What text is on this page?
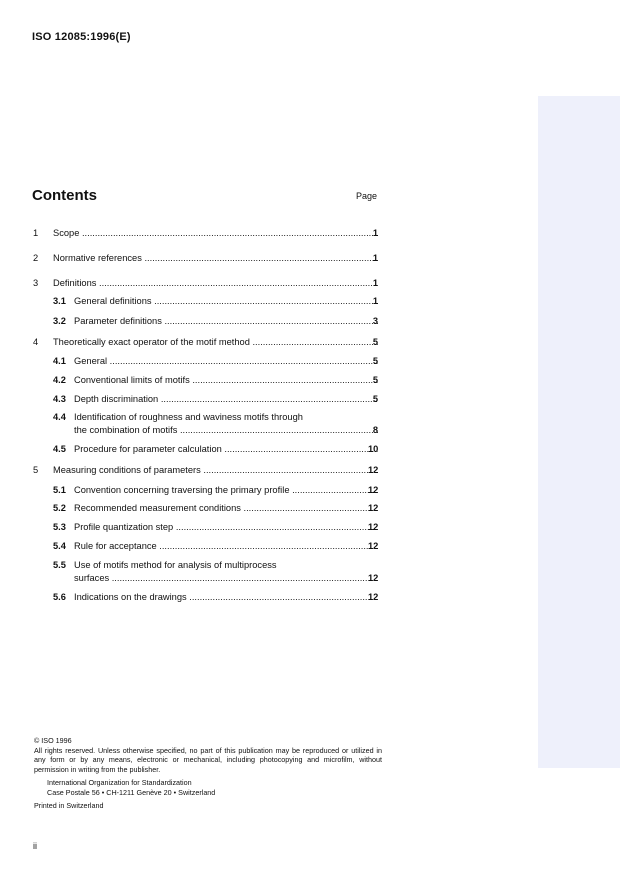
ISO 12085:1996(E)
Contents	Page
1 Scope .....	1
2 Normative references .....	1
3 Definitions .....	1
3.1 General definitions .....	1
3.2 Parameter definitions .....	3
4 Theoretically exact operator of the motif method .....	5
4.1 General .....	5
4.2 Conventional limits of motifs .....	5
4.3 Depth discrimination .....	5
4.4 Identification of roughness and waviness motifs through
the combination of motifs .....	8
4.5 Procedure for parameter calculation .....	10
5 Measuring conditions of parameters .....	12
5.1 Convention concerning traversing the primary profile .....	12
5.2 Recommended measurement conditions .....	12
5.3 Profile quantization step .....	12
5.4 Rule for acceptance .....	12
5.5 Use of motifs method for analysis of multiprocess
surfaces .....	12
5.6 Indications on the drawings .....	12

© ISO 1996

All rights reserved. Unless otherwise specified, no part of this publication may be reproduced or utilized in any form or by any means, electronic or mechanical, including photocopying and microfilm, without permission in writing from the publisher.

International Organization for Standardization

Case Postale 56 • CH-1211 Genève 20 • Switzerland

Printed in Switzerland

ii
